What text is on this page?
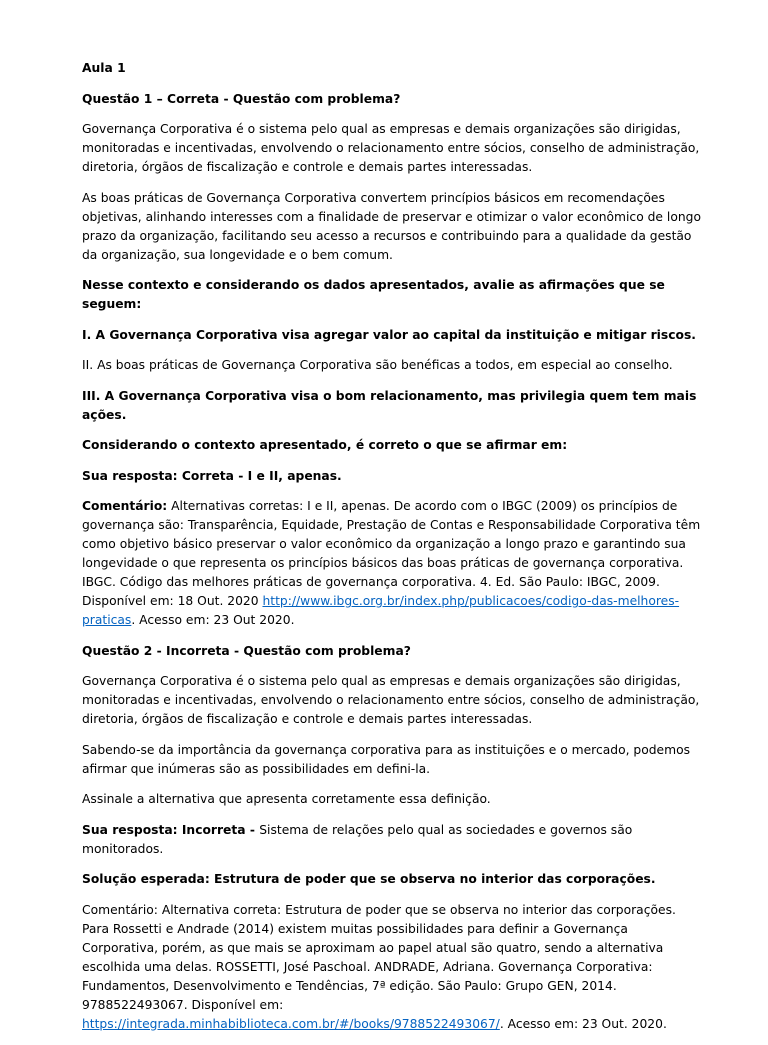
Aula 1

Questão 1 – Correta - Questão com problema?

Governança Corporativa é o sistema pelo qual as empresas e demais organizações são dirigidas, monitoradas e incentivadas, envolvendo o relacionamento entre sócios, conselho de administração, diretoria, órgãos de fiscalização e controle e demais partes interessadas.

As boas práticas de Governança Corporativa convertem princípios básicos em recomendações objetivas, alinhando interesses com a finalidade de preservar e otimizar o valor econômico de longo prazo da organização, facilitando seu acesso a recursos e contribuindo para a qualidade da gestão da organização, sua longevidade e o bem comum.

Nesse contexto e considerando os dados apresentados, avalie as afirmações que se seguem:

I. A Governança Corporativa visa agregar valor ao capital da instituição e mitigar riscos.

II. As boas práticas de Governança Corporativa são benéficas a todos, em especial ao conselho.

III. A Governança Corporativa visa o bom relacionamento, mas privilegia quem tem mais ações.

Considerando o contexto apresentado, é correto o que se afirmar em:

Sua resposta: Correta - I e II, apenas.

Comentário: Alternativas corretas: I e II, apenas. De acordo com o IBGC (2009) os princípios de governança são: Transparência, Equidade, Prestação de Contas e Responsabilidade Corporativa têm como objetivo básico preservar o valor econômico da organização a longo prazo e garantindo sua longevidade o que representa os princípios básicos das boas práticas de governança corporativa. IBGC. Código das melhores práticas de governança corporativa. 4. Ed. São Paulo: IBGC, 2009. Disponível em: 18 Out. 2020 http://www.ibgc.org.br/index.php/publicacoes/codigo-das-melhores-praticas. Acesso em: 23 Out 2020.

Questão 2 - Incorreta - Questão com problema?

Governança Corporativa é o sistema pelo qual as empresas e demais organizações são dirigidas, monitoradas e incentivadas, envolvendo o relacionamento entre sócios, conselho de administração, diretoria, órgãos de fiscalização e controle e demais partes interessadas.

Sabendo-se da importância da governança corporativa para as instituições e o mercado, podemos afirmar que inúmeras são as possibilidades em defini-la.

Assinale a alternativa que apresenta corretamente essa definição.

Sua resposta: Incorreta - Sistema de relações pelo qual as sociedades e governos são monitorados.

Solução esperada: Estrutura de poder que se observa no interior das corporações.

Comentário: Alternativa correta: Estrutura de poder que se observa no interior das corporações. Para Rossetti e Andrade (2014) existem muitas possibilidades para definir a Governança Corporativa, porém, as que mais se aproximam ao papel atual são quatro, sendo a alternativa escolhida uma delas. ROSSETTI, José Paschoal. ANDRADE, Adriana. Governança Corporativa: Fundamentos, Desenvolvimento e Tendências, 7ª edição. São Paulo: Grupo GEN, 2014. 9788522493067. Disponível em: https://integrada.minhabiblioteca.com.br/#/books/9788522493067/. Acesso em: 23 Out. 2020.
